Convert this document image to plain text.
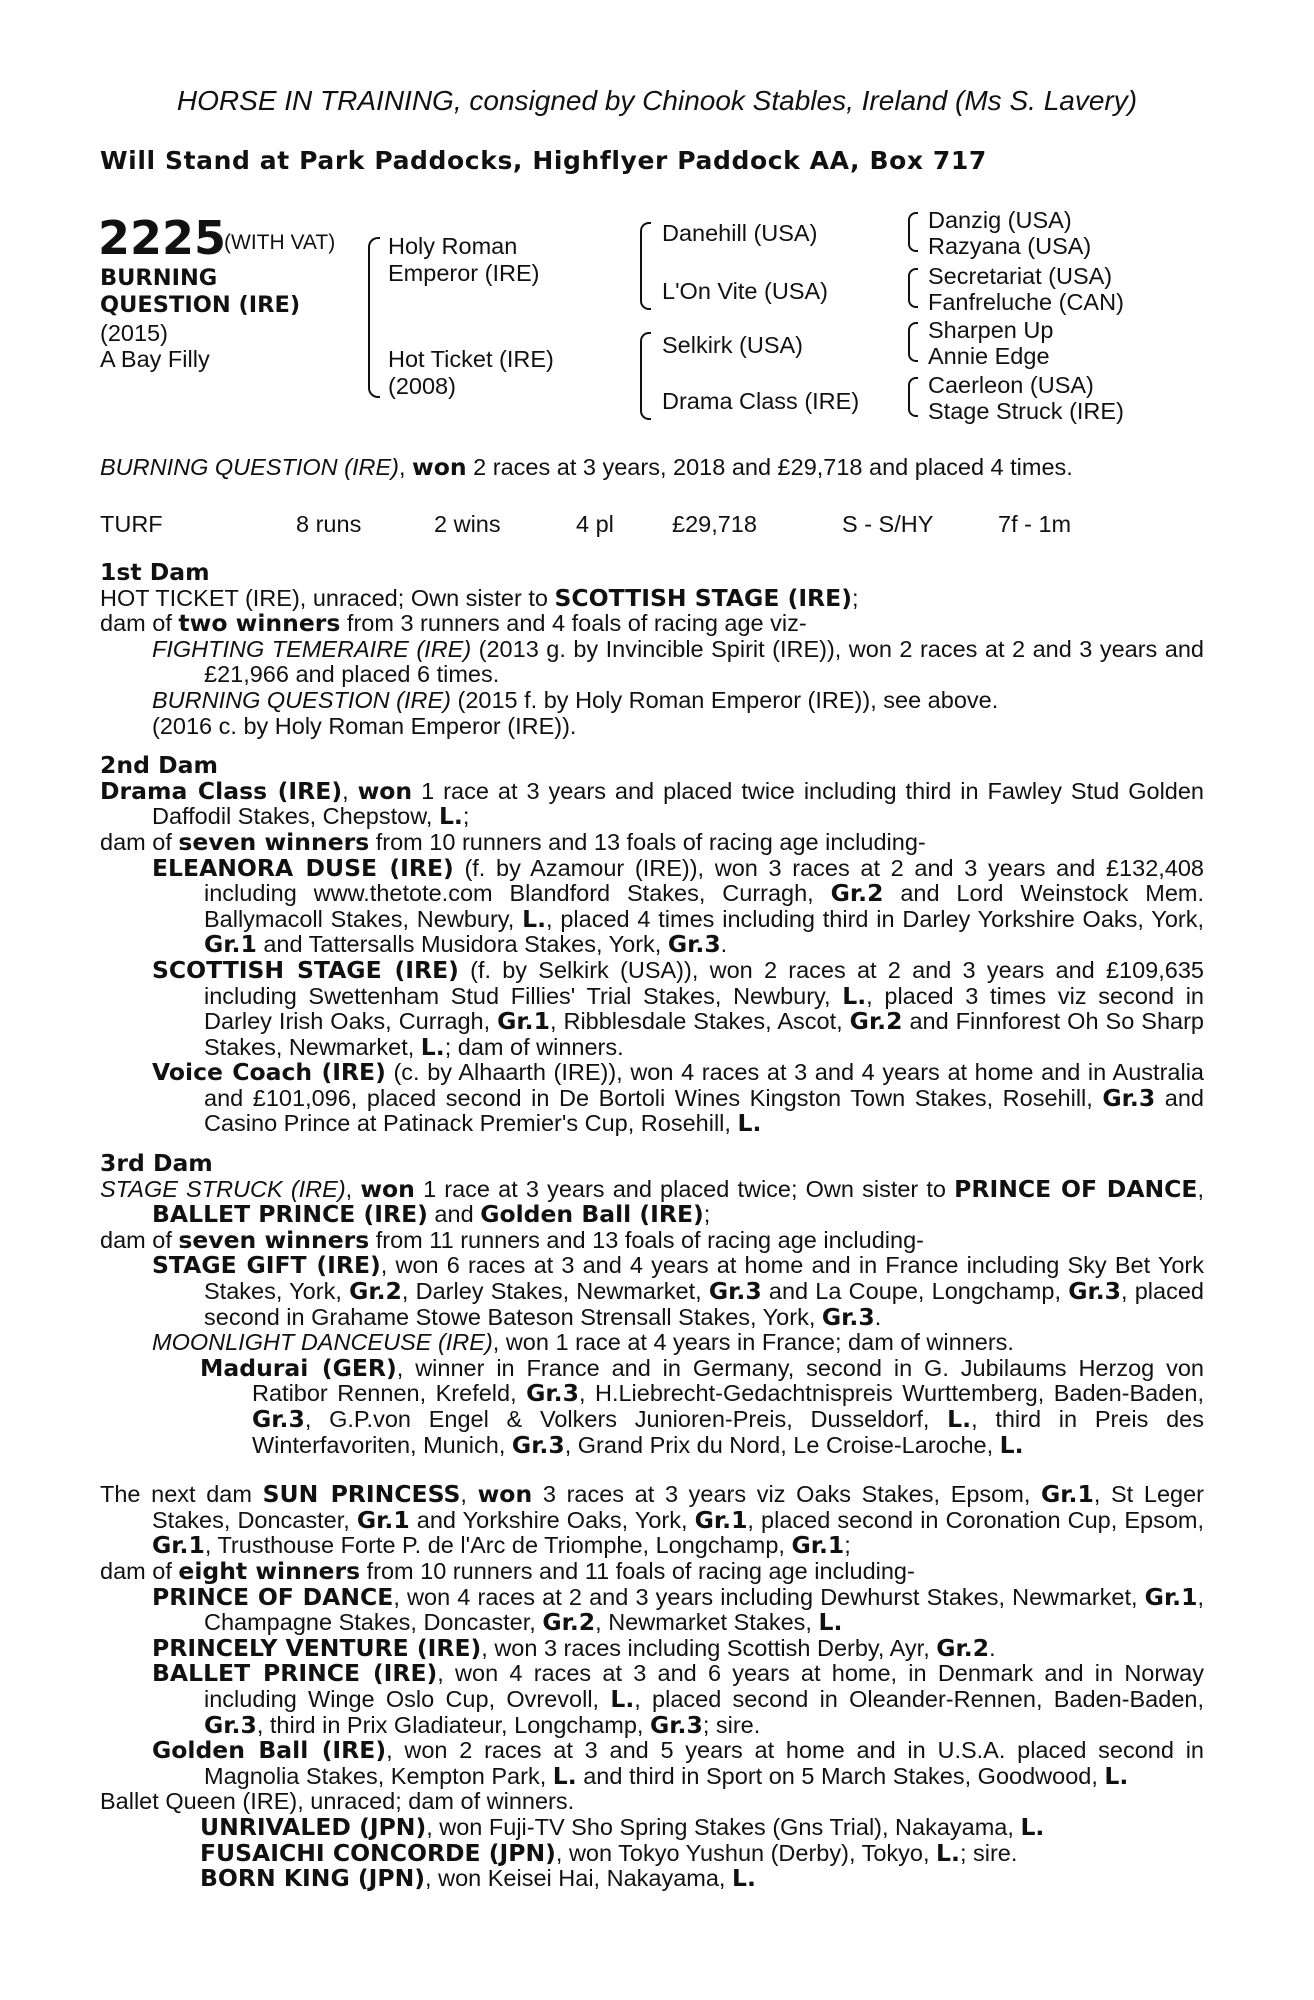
HORSE IN TRAINING, consigned by Chinook Stables, Ireland (Ms S. Lavery)
Will Stand at Park Paddocks, Highflyer Paddock AA, Box 717
2225
(WITH VAT)
BURNING
QUESTION (IRE)
(2015)
A Bay Filly
Holy Roman
Emperor (IRE)
Hot Ticket (IRE)
(2008)
Danehill (USA)
L'On Vite (USA)
Selkirk (USA)
Drama Class (IRE)
Danzig (USA)
Razyana (USA)
Secretariat (USA)
Fanfreluche (CAN)
Sharpen Up
Annie Edge
Caerleon (USA)
Stage Struck (IRE)
BURNING QUESTION (IRE), won 2 races at 3 years, 2018 and £29,718 and placed 4 times.
TURF	8 runs	2 wins	4 pl £29,718	S - S/HY	7f - 1m
1st Dam
HOT TICKET (IRE), unraced; Own sister to SCOTTISH STAGE (IRE);
dam of two winners from 3 runners and 4 foals of racing age viz-
FIGHTING TEMERAIRE (IRE) (2013 g. by Invincible Spirit (IRE)), won 2 races at 2 and 3 years and £21,966 and placed 6 times.
BURNING QUESTION (IRE) (2015 f. by Holy Roman Emperor (IRE)), see above.
(2016 c. by Holy Roman Emperor (IRE)).
2nd Dam
Drama Class (IRE), won 1 race at 3 years and placed twice including third in Fawley Stud Golden Daffodil Stakes, Chepstow, L.;
dam of seven winners from 10 runners and 13 foals of racing age including-
ELEANORA DUSE (IRE) (f. by Azamour (IRE)), won 3 races at 2 and 3 years and £132,408 including www.thetote.com Blandford Stakes, Curragh, Gr.2 and Lord Weinstock Mem. Ballymacoll Stakes, Newbury, L., placed 4 times including third in Darley Yorkshire Oaks, York, Gr.1 and Tattersalls Musidora Stakes, York, Gr.3.
SCOTTISH STAGE (IRE) (f. by Selkirk (USA)), won 2 races at 2 and 3 years and £109,635 including Swettenham Stud Fillies' Trial Stakes, Newbury, L., placed 3 times viz second in Darley Irish Oaks, Curragh, Gr.1, Ribblesdale Stakes, Ascot, Gr.2 and Finnforest Oh So Sharp Stakes, Newmarket, L.; dam of winners.
Voice Coach (IRE) (c. by Alhaarth (IRE)), won 4 races at 3 and 4 years at home and in Australia and £101,096, placed second in De Bortoli Wines Kingston Town Stakes, Rosehill, Gr.3 and Casino Prince at Patinack Premier's Cup, Rosehill, L.
3rd Dam
STAGE STRUCK (IRE), won 1 race at 3 years and placed twice; Own sister to PRINCE OF DANCE, BALLET PRINCE (IRE) and Golden Ball (IRE);
dam of seven winners from 11 runners and 13 foals of racing age including-
STAGE GIFT (IRE), won 6 races at 3 and 4 years at home and in France including Sky Bet York Stakes, York, Gr.2, Darley Stakes, Newmarket, Gr.3 and La Coupe, Longchamp, Gr.3, placed second in Grahame Stowe Bateson Strensall Stakes, York, Gr.3.
MOONLIGHT DANCEUSE (IRE), won 1 race at 4 years in France; dam of winners.
Madurai (GER), winner in France and in Germany, second in G. Jubilaums Herzog von Ratibor Rennen, Krefeld, Gr.3, H.Liebrecht-Gedachtnispreis Wurttemberg, Baden-Baden, Gr.3, G.P.von Engel & Volkers Junioren-Preis, Dusseldorf, L., third in Preis des Winterfavoriten, Munich, Gr.3, Grand Prix du Nord, Le Croise-Laroche, L.
The next dam SUN PRINCESS, won 3 races at 3 years viz Oaks Stakes, Epsom, Gr.1, St Leger Stakes, Doncaster, Gr.1 and Yorkshire Oaks, York, Gr.1, placed second in Coronation Cup, Epsom, Gr.1, Trusthouse Forte P. de l'Arc de Triomphe, Longchamp, Gr.1;
dam of eight winners from 10 runners and 11 foals of racing age including-
PRINCE OF DANCE, won 4 races at 2 and 3 years including Dewhurst Stakes, Newmarket, Gr.1, Champagne Stakes, Doncaster, Gr.2, Newmarket Stakes, L.
PRINCELY VENTURE (IRE), won 3 races including Scottish Derby, Ayr, Gr.2.
BALLET PRINCE (IRE), won 4 races at 3 and 6 years at home, in Denmark and in Norway including Winge Oslo Cup, Ovrevoll, L., placed second in Oleander-Rennen, Baden-Baden, Gr.3, third in Prix Gladiateur, Longchamp, Gr.3; sire.
Golden Ball (IRE), won 2 races at 3 and 5 years at home and in U.S.A. placed second in Magnolia Stakes, Kempton Park, L. and third in Sport on 5 March Stakes, Goodwood, L.
Ballet Queen (IRE), unraced; dam of winners.
UNRIVALED (JPN), won Fuji-TV Sho Spring Stakes (Gns Trial), Nakayama, L.
FUSAICHI CONCORDE (JPN), won Tokyo Yushun (Derby), Tokyo, L.; sire.
BORN KING (JPN), won Keisei Hai, Nakayama, L.
